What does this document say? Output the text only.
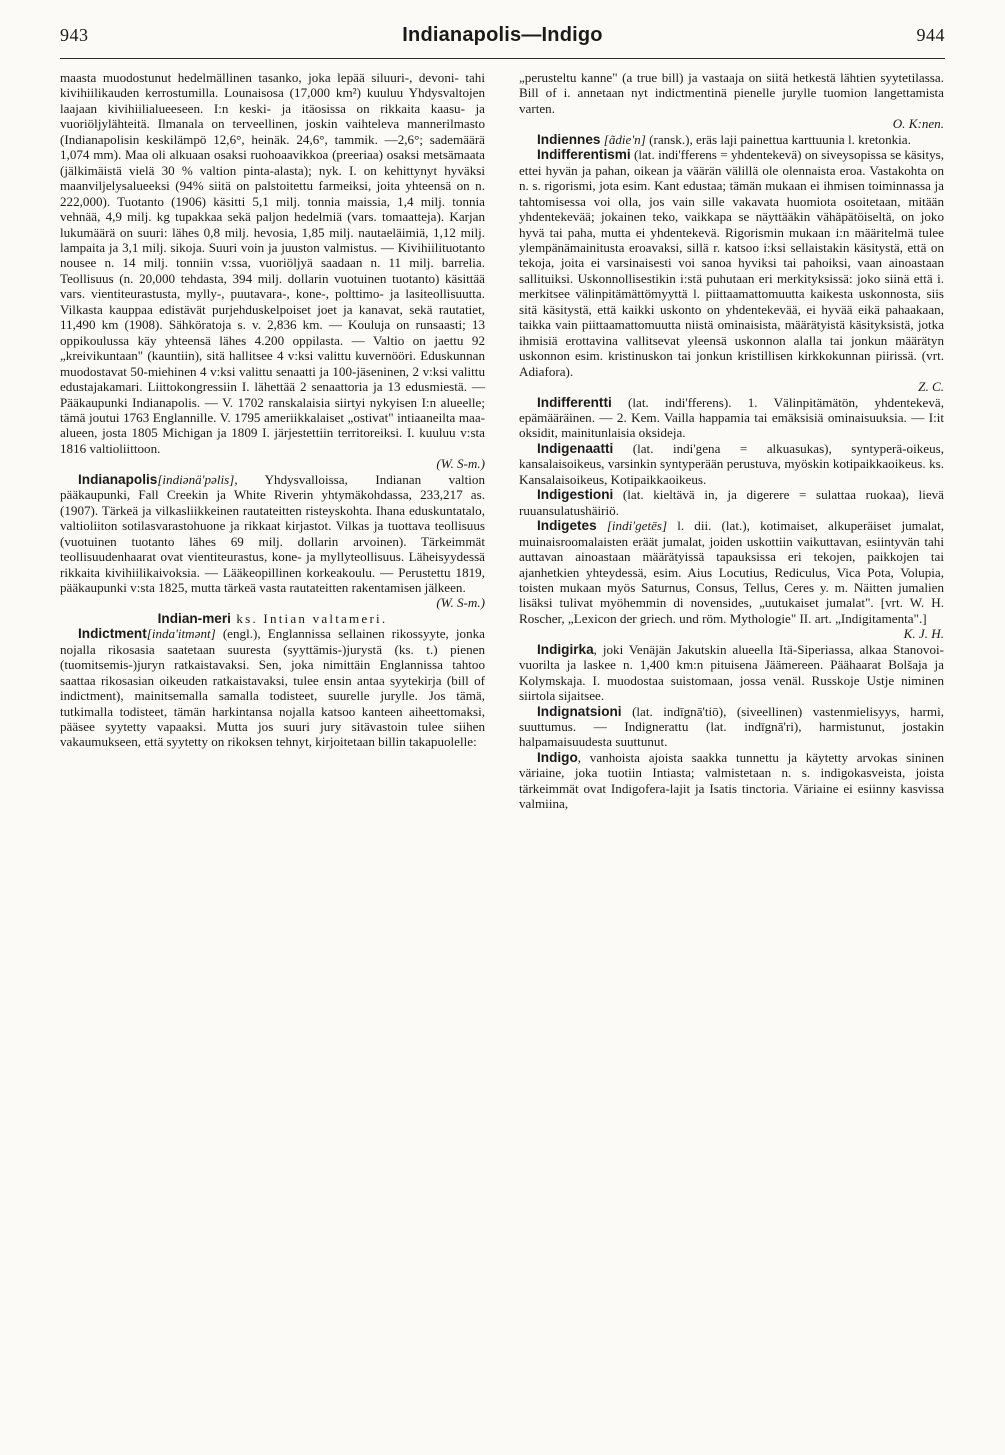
943	Indianapolis—Indigo	944

maasta muodostunut hedelmällinen tasanko, joka lepää siluuri-, devoni- tahi kivihiilikauden kerrostumilla. Lounaisosa (17,000 km²) kuuluu Yhdysvaltojen laajaan kivihiilialueeseen. I:n keski- ja itäosissa on rikkaita kaasu- ja vuoriöljylähteitä. Ilmanala on terveellinen, joskin vaihteleva mannerilmasto (Indianapolisin keskilämpö 12,6°, heinäk. 24,6°, tammik. —2,6°; sademäärä 1,074 mm). Maa oli alkuaan osaksi ruohoaavikkoa (preeriaa) osaksi metsämaata (jälkimäistä vielä 30 % valtion pinta-alasta); nyk. I. on kehittynyt hyväksi maanviljelysalueeksi (94% siitä on palstoitettu farmeiksi, joita yhteensä on n. 222,000). Tuotanto (1906) käsitti 5,1 milj. tonnia maissia, 1,4 milj. tonnia vehnää, 4,9 milj. kg tupakkaa sekä paljon hedelmiä (vars. tomaatteja). Karjan lukumäärä on suuri: lähes 0,8 milj. hevosia, 1,85 milj. nautaeläimiä, 1,12 milj. lampaita ja 3,1 milj. sikoja. Suuri voin ja juuston valmistus. — Kivihiilituotanto nousee n. 14 milj. tonniin v:ssa, vuoriöljyä saadaan n. 11 milj. barrelia. Teollisuus (n. 20,000 tehdasta, 394 milj. dollarin vuotuinen tuotanto) käsittää vars. vientiteurastusta, mylly-, puutavara-, kone-, polttimo- ja lasiteollisuutta. Vilkasta kauppaa edistävät purjehduskelpoiset joet ja kanavat, sekä rautatiet, 11,490 km (1908). Sähköratoja s. v. 2,836 km. — Kouluja on runsaasti; 13 oppikoulussa käy yhteensä lähes 4.200 oppilasta. — Valtio on jaettu 92 „kreivikuntaan" (kauntiin), sitä hallitsee 4 v:ksi valittu kuvernööri. Eduskunnan muodostavat 50-miehinen 4 v:ksi valittu senaatti ja 100-jäseninen, 2 v:ksi valittu edustajakamari. Liittokongressiin I. lähettää 2 senaattoria ja 13 edusmiestä. — Pääkaupunki Indianapolis. — V. 1702 ranskalaisia siirtyi nykyisen I:n alueelle; tämä joutui 1763 Englannille. V. 1795 ameriikkalaiset „ostivat" intiaaneilta maa-alueen, josta 1805 Michigan ja 1809 I. järjestettiin territoreiksi. I. kuuluu v:sta 1816 valtioliittoon.

(W. S-m.)

Indianapolis[indiənä'pəlis], Yhdysvalloissa, Indianan valtion pääkaupunki, Fall Creekin ja White Riverin yhtymäkohdassa, 233,217 as. (1907). Tärkeä ja vilkasliikkeinen rautateitten risteyskohta. Ihana eduskuntatalo, valtioliiton sotilasvarastohuone ja rikkaat kirjastot. Vilkas ja tuottava teollisuus (vuotuinen tuotanto lähes 69 milj. dollarin arvoinen). Tärkeimmät teollisuudenhaarat ovat vientiteurastus, kone- ja myllyteollisuus. Läheisyydessä rikkaita kivihiilikaivoksia. — Lääkeopillinen korkeakoulu. — Perustettu 1819, pääkaupunki v:sta 1825, mutta tärkeä vasta rautateitten rakentamisen jälkeen.

(W. S-m.)

Indian-meri ks. Intian valtameri.

Indictment[inda'itmənt] (engl.), Englannissa sellainen rikossyyte, jonka nojalla rikosasia saatetaan suuresta (syyttämis-)jurystä (ks. t.) pienen (tuomitsemis-)juryn ratkaistavaksi. Sen, joka nimittäin Englannissa tahtoo saattaa rikosasian oikeuden ratkaistavaksi, tulee ensin antaa syytekirja (bill of indictment), mainitsemalla samalla todisteet, suurelle jurylle. Jos tämä, tutkimalla todisteet, tämän harkintansa nojalla katsoo kanteen aiheettomaksi, pääsee syytetty vapaaksi. Mutta jos suuri jury sitävastoin tulee siihen vakaumukseen, että syytetty on rikoksen tehnyt, kirjoitetaan billin takapuolelle:

„perusteltu kanne" (a true bill) ja vastaaja on siitä hetkestä lähtien syytetilassa. Bill of i. annetaan nyt indictmentinä pienelle jurylle tuomion langettamista varten.

O. K:nen.

Indiennes [ãdie'n] (ransk.), eräs laji painettua karttuunia l. kretonkia.

Indifferentismi (lat. indi'fferens = yhdentekevä) on siveysopissa se käsitys, ettei hyvän ja pahan, oikean ja väärän välillä ole olennaista eroa. Vastakohta on n. s. rigorismi, jota esim. Kant edustaa; tämän mukaan ei ihmisen toiminnassa ja tahtomisessa voi olla, jos vain sille vakavata huomiota osoitetaan, mitään yhdentekevää; jokainen teko, vaikkapa se näyttääkin vähäpätöiseltä, on joko hyvä tai paha, mutta ei yhdentekevä. Rigorismin mukaan i:n määritelmä tulee ylempänämainitusta eroavaksi, sillä r. katsoo i:ksi sellaistakin käsitystä, että on tekoja, joita ei varsinaisesti voi sanoa hyviksi tai pahoiksi, vaan ainoastaan sallituiksi. Uskonnollisestikin i:stä puhutaan eri merkityksissä: joko siinä että i. merkitsee välinpitämättömyyttä l. piittaamattomuutta kaikesta uskonnosta, siis sitä käsitystä, että kaikki uskonto on yhdentekevää, ei hyvää eikä pahaakaan, taikka vain piittaamattomuutta niistä ominaisista, määrätyistä käsityksistä, jotka ihmisiä erottavina vallitsevat yleensä uskonnon alalla tai jonkun määrätyn uskonnon esim. kristinuskon tai jonkun kristillisen kirkkokunnan piirissä. (vrt. Adiafora).

Z. C.

Indifferentti (lat. indi'fferens). 1. Välinpitämätön, yhdentekevä, epämääräinen. — 2. Kem. Vailla happamia tai emäksisiä ominaisuuksia. — I:it oksidit, mainitunlaisia oksideja.

Indigenaatti (lat. indi'gena = alkuasukas), syntyperä-oikeus, kansalaisoikeus, varsinkin syntyperään perustuva, myöskin kotipaikkaoikeus. ks. Kansalaisoikeus, Kotipaikkaoikeus.

Indigestioni (lat. kieltävä in, ja digerere = sulattaa ruokaa), lievä ruuansulatushäiriö.

Indigetes [indi'getēs] l. dii. (lat.), kotimaiset, alkuperäiset jumalat, muinaisroomalaisten eräät jumalat, joiden uskottiin vaikuttavan, esiintyvän tahi auttavan ainoastaan määrätyissä tapauksissa eri tekojen, paikkojen tai ajanhetkien yhteydessä, esim. Aius Locutius, Rediculus, Vica Pota, Volupia, toisten mukaan myös Saturnus, Consus, Tellus, Ceres y. m. Näitten jumalien lisäksi tulivat myöhemmin di novensides, „uutukaiset jumalat". [vrt. W. H. Roscher, „Lexicon der griech. und röm. Mythologie" II. art. „Indigitamenta".]

K. J. H.

Indigirka, joki Venäjän Jakutskin alueella Itä-Siperiassa, alkaa Stanovoi-vuorilta ja laskee n. 1,400 km:n pituisena Jäämereen. Päähaarat Bolšaja ja Kolymskaja. I. muodostaa suistomaan, jossa venäl. Russkoje Ustje niminen siirtola sijaitsee.

Indignatsioni (lat. indīgnā'tiō), (siveellinen) vastenmielisyys, harmi, suuttumus. — Indignerattu (lat. indīgnā'ri), harmistunut, jostakin halpamaisuudesta suuttunut.

Indigo, vanhoista ajoista saakka tunnettu ja käytetty arvokas sininen väriaine, joka tuotiin Intiasta; valmistetaan n. s. indigokasveista, joista tärkeimmät ovat Indigofera-lajit ja Isatis tinctoria. Väriaine ei esiinny kasvissa valmiina,
